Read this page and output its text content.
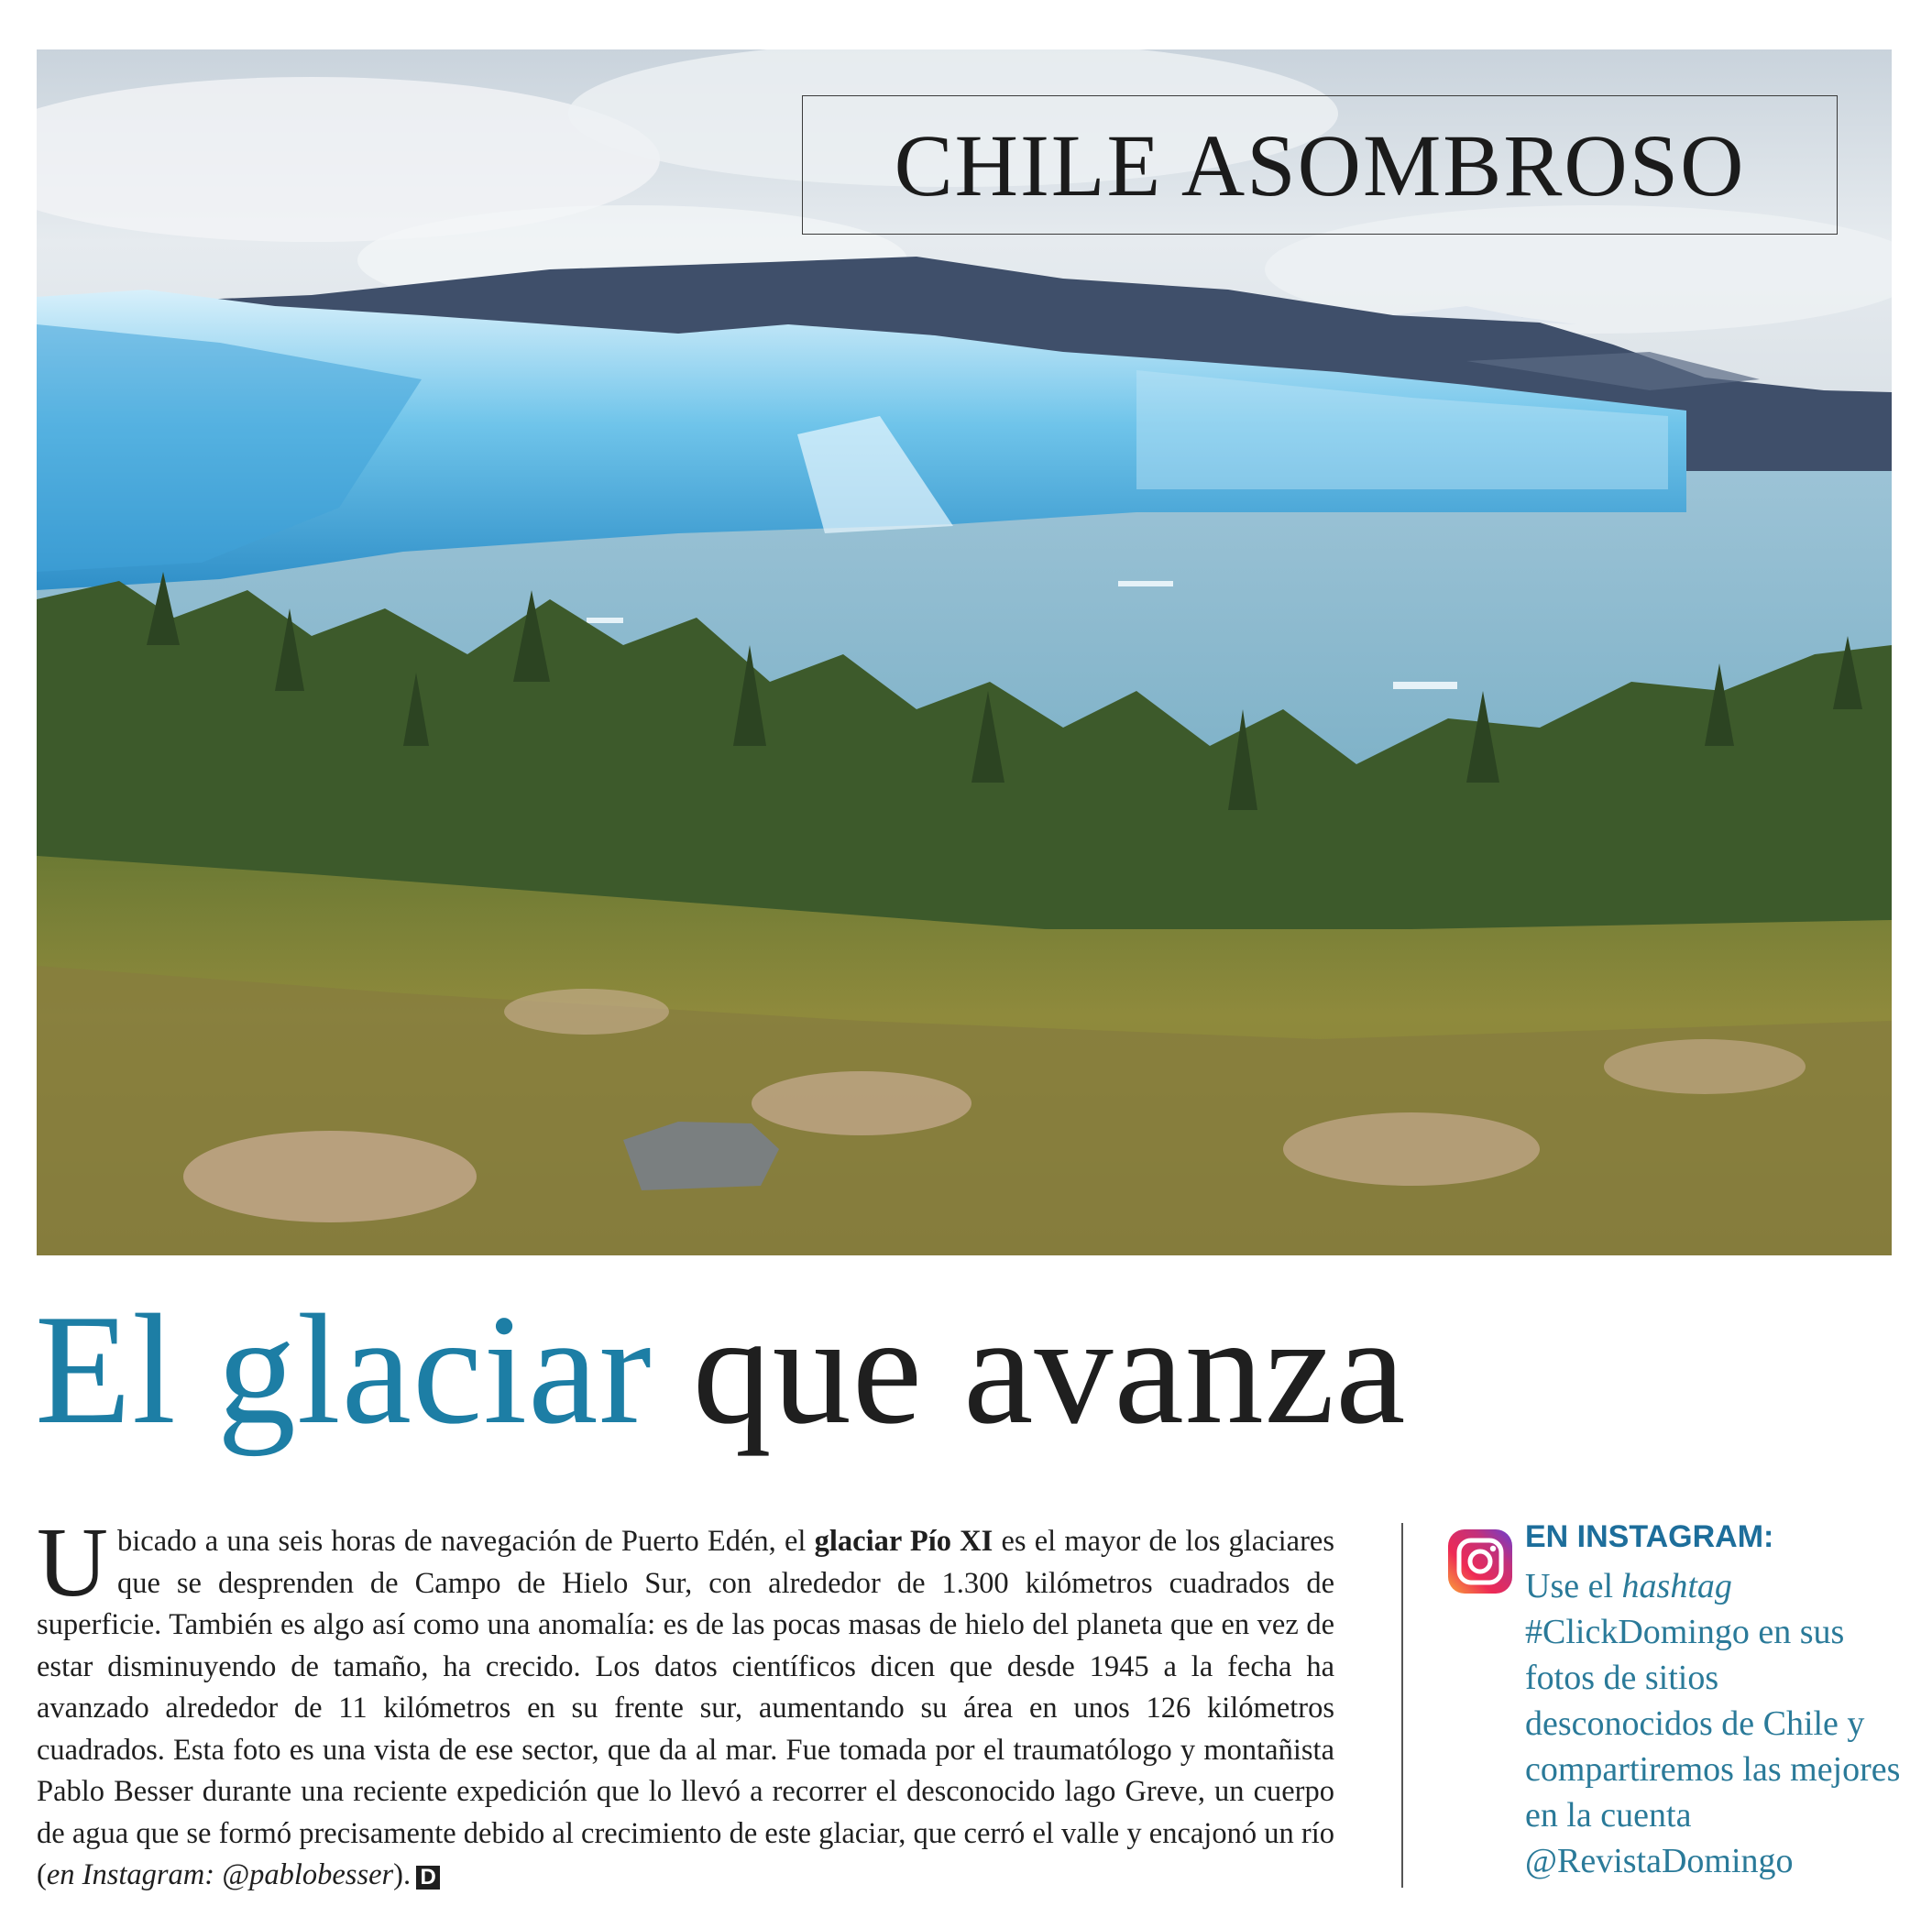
CHILE ASOMBROSO
El glaciar que avanza
Ubicado a una seis horas de navegación de Puerto Edén, el glaciar Pío XI es el mayor de los glaciares que se desprenden de Campo de Hielo Sur, con alrededor de 1.300 kilómetros cuadrados de superficie. También es algo así como una anomalía: es de las pocas masas de hielo del planeta que en vez de estar disminuyendo de tamaño, ha crecido. Los datos científicos dicen que desde 1945 a la fecha ha avanzado alrededor de 11 kilómetros en su frente sur, aumentando su área en unos 126 kilómetros cuadrados. Esta foto es una vista de ese sector, que da al mar. Fue tomada por el traumatólogo y montañista Pablo Besser durante una reciente expedición que lo llevó a recorrer el desconocido lago Greve, un cuerpo de agua que se formó precisamente debido al crecimiento de este glaciar, que cerró el valle y encajonó un río (en Instagram: @pablobesser). D
EN INSTAGRAM:
Use el hashtag #ClickDomingo en sus fotos de sitios desconocidos de Chile y compartiremos las mejores en la cuenta @RevistaDomingo
